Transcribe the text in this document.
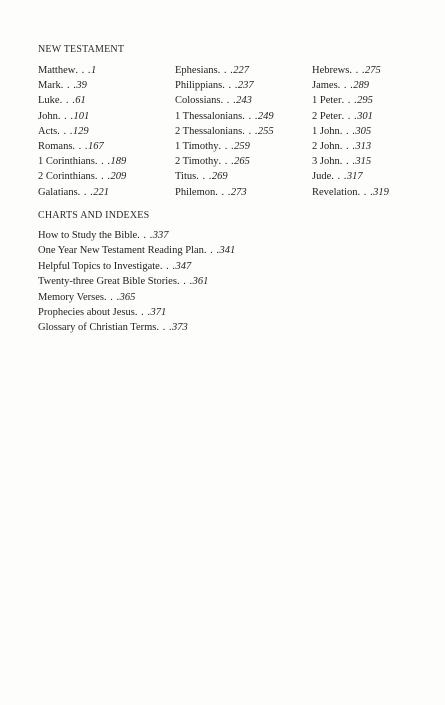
NEW TESTAMENT
Matthew. . .1
Mark. . .39
Luke. . .61
John. . .101
Acts. . .129
Romans. . .167
1 Corinthians. . .189
2 Corinthians. . .209
Galatians. . .221
Ephesians. . .227
Philippians. . .237
Colossians. . .243
1 Thessalonians. . .249
2 Thessalonians. . .255
1 Timothy. . .259
2 Timothy. . .265
Titus. . .269
Philemon. . .273
Hebrews. . .275
James. . .289
1 Peter. . .295
2 Peter. . .301
1 John. . .305
2 John. . .313
3 John. . .315
Jude. . .317
Revelation. . .319
CHARTS AND INDEXES
How to Study the Bible. . .337
One Year New Testament Reading Plan. . .341
Helpful Topics to Investigate. . .347
Twenty-three Great Bible Stories. . .361
Memory Verses. . .365
Prophecies about Jesus. . .371
Glossary of Christian Terms. . .373
